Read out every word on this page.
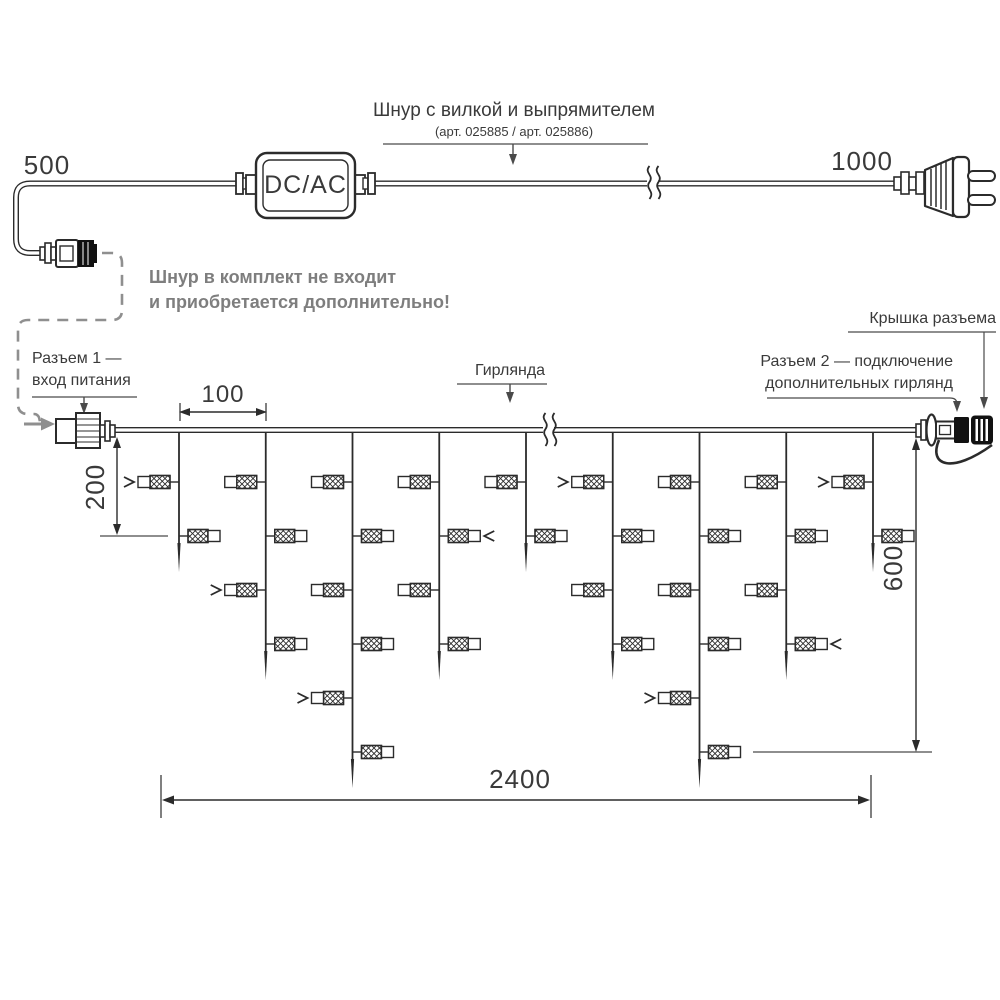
Шнур с вилкой и выпрямителем
(арт. 025885 / арт. 025886)
500	1000
DC/AC
Шнур в комплект не входит
и приобретается дополнительно!
Разъем 1 —
вход питания
Гирлянда
Крышка разъема
Разъем 2 — подключение
дополнительных гирлянд
100
200
600
2400
